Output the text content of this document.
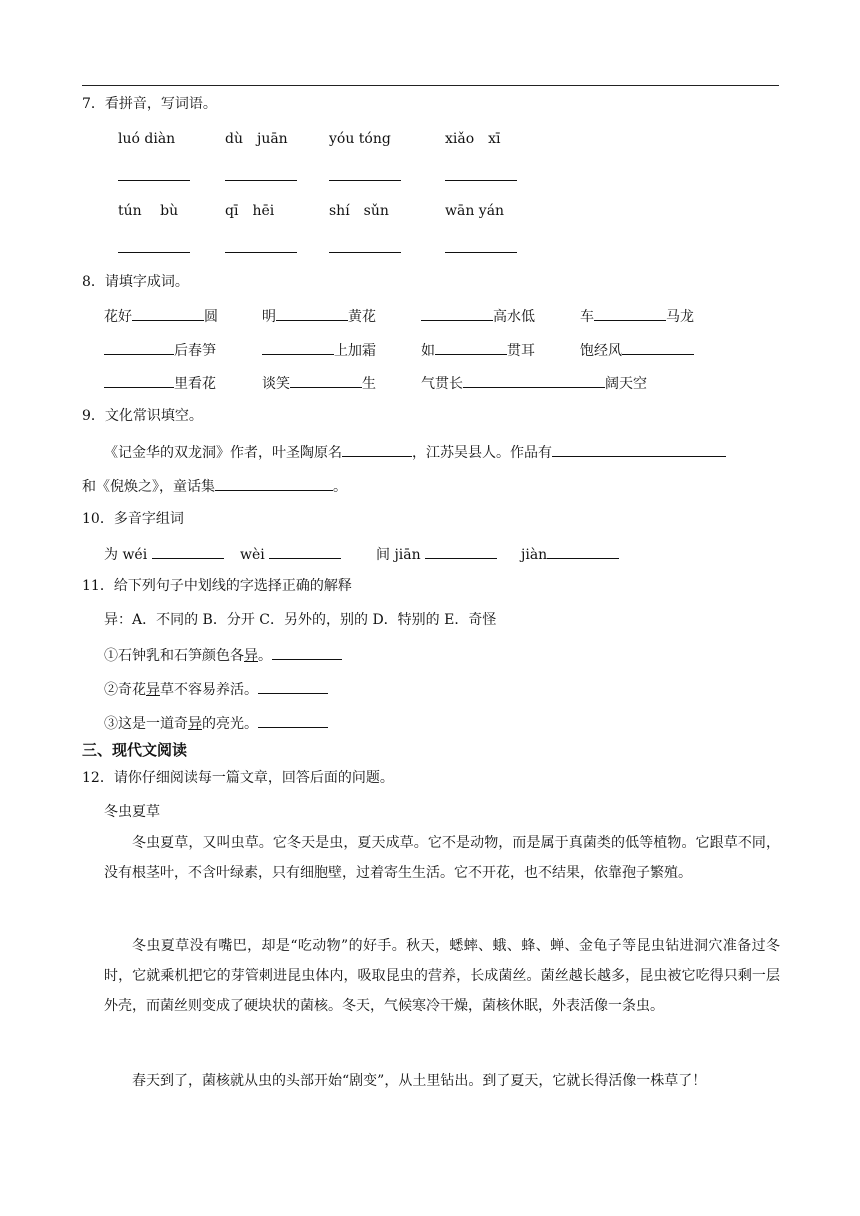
7．看拼音，写词语。
luó diàn	dù　juān	yóu tóng	xiǎo　xī
tún　 bù	qī　hēi	shí　sǔn	wān yán
8．请填字成词。
花好	圆	明	黄花	高水低	车	马龙
后春笋	上加霜	如	贯耳	饱经风
里看花	谈笑	生	气贯长	阔天空
9．文化常识填空。
《记金华的双龙洞》作者，叶圣陶原名	，江苏吴县人。作品有
和《倪焕之》，童话集	。
10．多音字组词
为 wéi	wèi	间 jiān	jiàn
11．给下列句子中划线的字选择正确的解释
异：A．不同的 B．分开 C．另外的，别的 D．特别的 E．奇怪
①石钟乳和石笋颜色各异。
②奇花异草不容易养活。
③这是一道奇异的亮光。
三、现代文阅读
12．请你仔细阅读每一篇文章，回答后面的问题。
冬虫夏草
冬虫夏草，又叫虫草。它冬天是虫，夏天成草。它不是动物，而是属于真菌类的低等植物。它跟草不同，没有根茎叶，不含叶绿素，只有细胞壁，过着寄生生活。它不开花，也不结果，依靠孢子繁殖。
冬虫夏草没有嘴巴，却是“吃动物”的好手。秋天，蟋蟀、蛾、蜂、蝉、金龟子等昆虫钻进洞穴准备过冬时，它就乘机把它的芽管刺进昆虫体内，吸取昆虫的营养，长成菌丝。菌丝越长越多，昆虫被它吃得只剩一层外壳，而菌丝则变成了硬块状的菌核。冬天，气候寒冷干燥，菌核休眠，外表活像一条虫。
春天到了，菌核就从虫的头部开始“剧变”，从土里钻出。到了夏天，它就长得活像一株草了！
